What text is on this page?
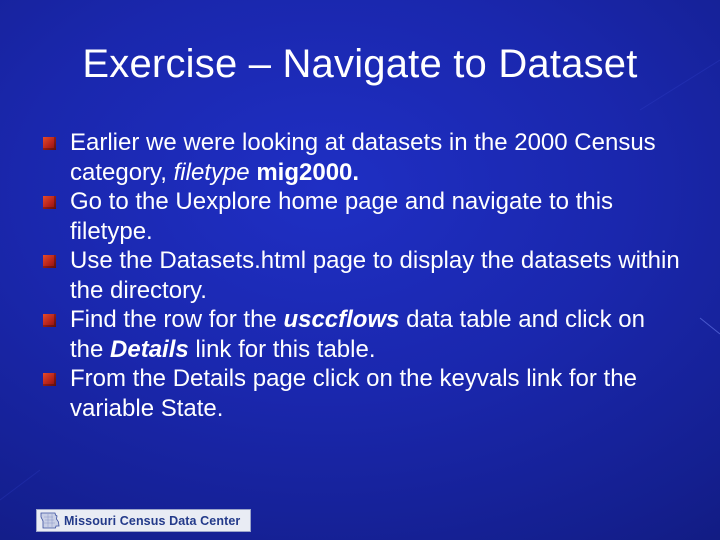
Exercise – Navigate to Dataset
Earlier we were looking at datasets in the 2000 Census category, filetype mig2000.
Go to the Uexplore home page and navigate to this filetype.
Use the Datasets.html page to display the datasets within the directory.
Find the row for the usccflows data table and click on the Details link for this table.
From the Details page click on the keyvals link for the variable State.
Missouri Census Data Center
